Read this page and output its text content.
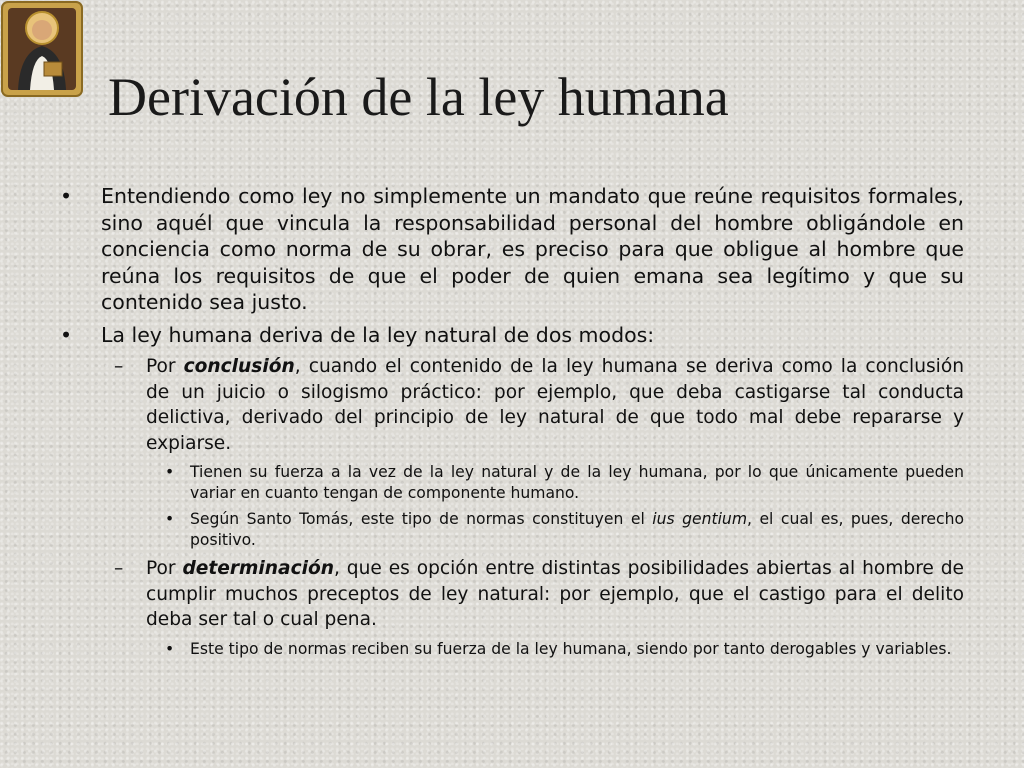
Derivación de la ley humana
• Entendiendo como ley no simplemente un mandato que reúne requisitos formales, sino aquél que vincula la responsabilidad personal del hombre obligándole en conciencia como norma de su obrar, es preciso para que obligue al hombre que reúna los requisitos de que el poder de quien emana sea legítimo y que su contenido sea justo.
• La ley humana deriva de la ley natural de dos modos:
– Por conclusión, cuando el contenido de la ley humana se deriva como la conclusión de un juicio o silogismo práctico: por ejemplo, que deba castigarse tal conducta delictiva, derivado del principio de ley natural de que todo mal debe repararse y expiarse.
• Tienen su fuerza a la vez de la ley natural y de la ley humana, por lo que únicamente pueden variar en cuanto tengan de componente humano.
• Según Santo Tomás, este tipo de normas constituyen el ius gentium, el cual es, pues, derecho positivo.
– Por determinación, que es opción entre distintas posibilidades abiertas al hombre de cumplir muchos preceptos de ley natural: por ejemplo, que el castigo para el delito deba ser tal o cual pena.
• Este tipo de normas reciben su fuerza de la ley humana, siendo por tanto derogables y variables.
